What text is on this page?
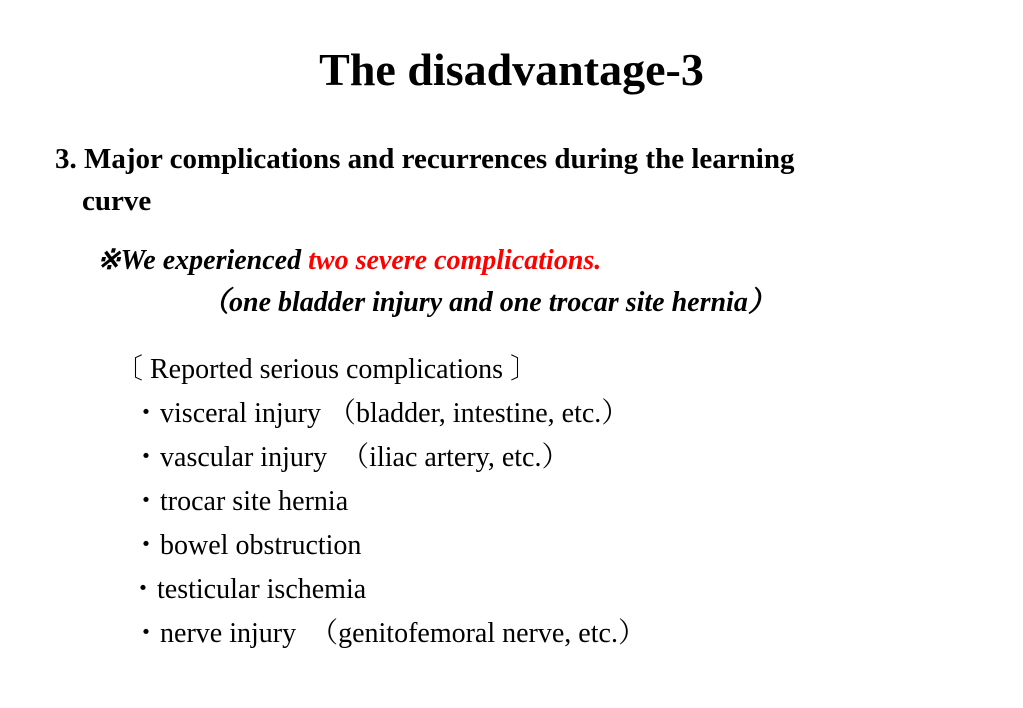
The disadvantage-3
3. Major complications and recurrences during the learning
curve
※We experienced two severe complications.
（one bladder injury and one trocar site hernia）
〔 Reported serious complications 〕
・visceral injury （bladder, intestine, etc.）
・vascular injury  （iliac artery, etc.）
・trocar site hernia
・bowel obstruction
・testicular ischemia
・nerve injury  （genitofemoral nerve, etc.）
